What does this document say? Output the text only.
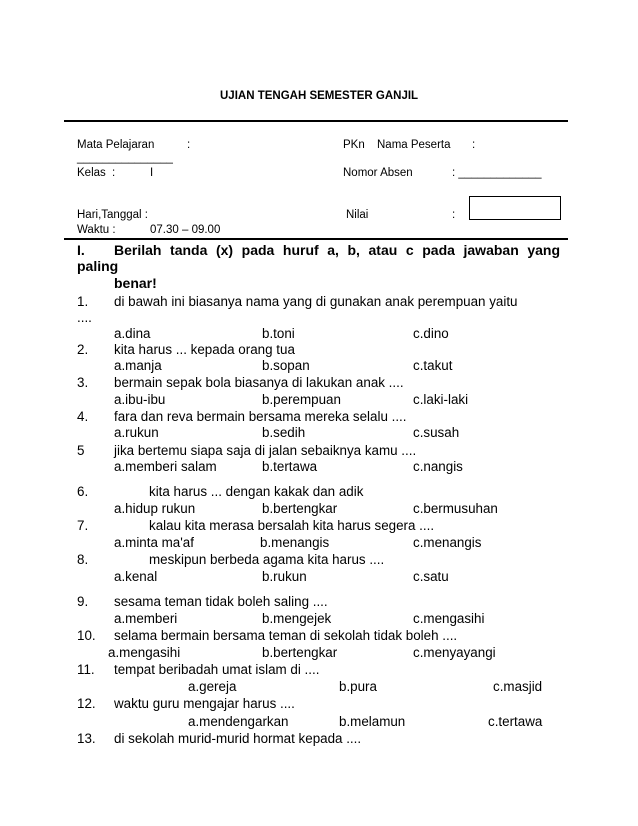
UJIAN TENGAH SEMESTER GANJIL
Mata Pelajaran	:	PKn Nama Peserta :
_______________
Kelas :	I	Nomor Absen	: _____________
Hari,Tanggal :	Nilai	:
Waktu :	07.30 – 09.00
I. Berilah tanda (x) pada huruf a, b, atau c pada jawaban yang
paling
benar!
1. di bawah ini biasanya nama yang di gunakan anak perempuan yaitu
....
a.dina	b.toni	c.dino
2. kita harus ... kepada orang tua
a.manja	b.sopan	c.takut
3. bermain sepak bola biasanya di lakukan anak ....
a.ibu-ibu	b.perempuan	c.laki-laki
4. fara dan reva bermain bersama mereka selalu ....
a.rukun	b.sedih	c.susah
5 jika bertemu siapa saja di jalan sebaiknya kamu ....
a.memberi salam	b.tertawa	c.nangis
6.	kita harus ... dengan kakak dan adik
a.hidup rukun	b.bertengkar	c.bermusuhan
7.	kalau kita merasa bersalah kita harus segera ....
a.minta ma'af	b.menangis	c.menangis
8.	meskipun berbeda agama kita harus ....
a.kenal	b.rukun	c.satu
9. sesama teman tidak boleh saling ....
a.memberi	b.mengejek	c.mengasihi
10. selama bermain bersama teman di sekolah tidak boleh ....
a.mengasihi	b.bertengkar	c.menyayangi
11. tempat beribadah umat islam di ....
a.gereja	b.pura	c.masjid
12. waktu guru mengajar harus ....
a.mendengarkan	b.melamun	c.tertawa
13. di sekolah murid-murid hormat kepada ....
